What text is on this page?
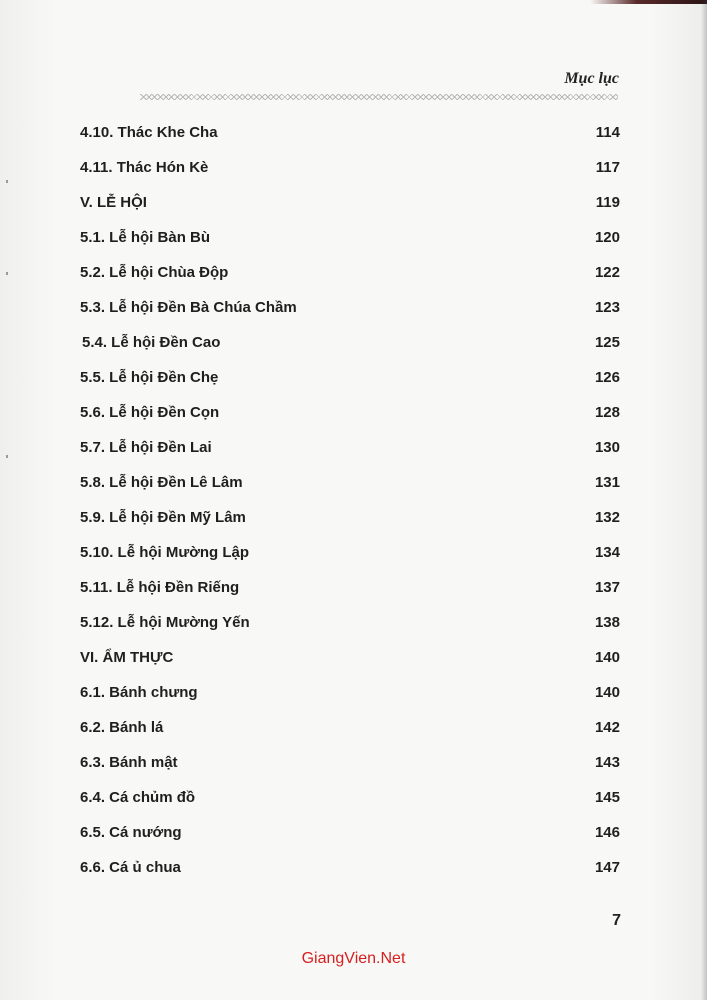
Mục lục
4.10. Thác Khe Cha	114
4.11. Thác Hón Kè	117
V. LỄ HỘI	119
5.1. Lễ hội Bàn Bù	120
5.2. Lễ hội Chùa Độp	122
5.3. Lễ hội Đền Bà Chúa Chầm	123
5.4. Lễ hội Đền Cao	125
5.5. Lễ hội Đền Chẹ	126
5.6. Lễ hội Đền Cọn	128
5.7. Lễ hội Đền Lai	130
5.8. Lễ hội Đền Lê Lâm	131
5.9. Lễ hội Đền Mỹ Lâm	132
5.10. Lễ hội Mường Lập	134
5.11. Lễ hội Đền Riếng	137
5.12. Lễ hội Mường Yến	138
VI. ẨM THỰC	140
6.1. Bánh chưng	140
6.2. Bánh lá	142
6.3. Bánh mật	143
6.4. Cá chủm đồ	145
6.5. Cá nướng	146
6.6. Cá ủ chua	147
7
GiangVien.Net
